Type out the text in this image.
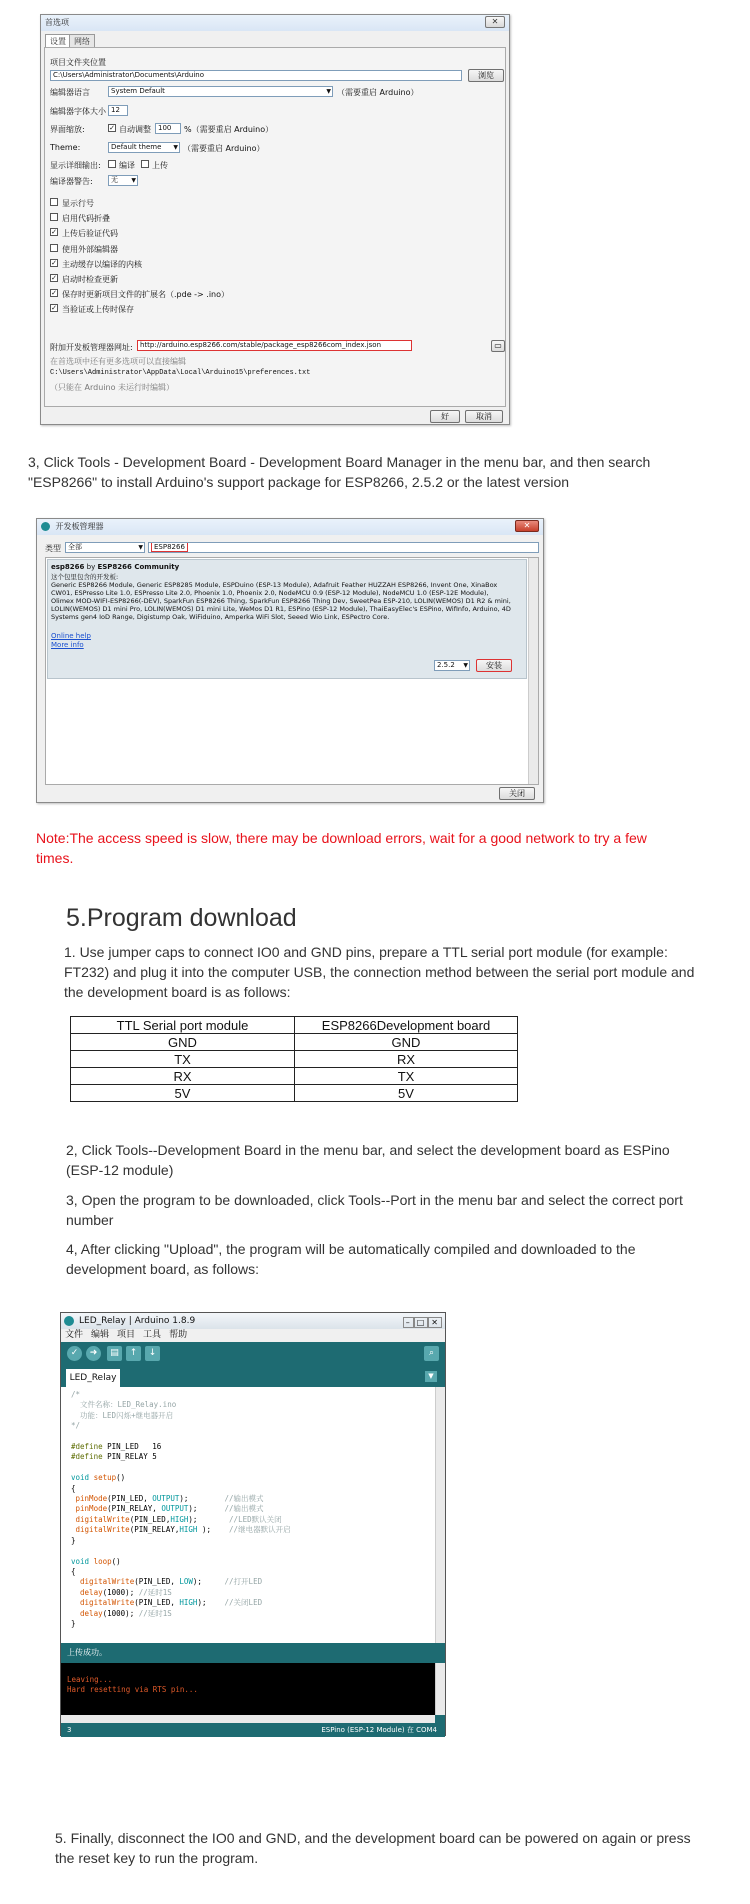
首选项	✕
设置	网络
项目文件夹位置
C:\Users\Administrator\Documents\Arduino	浏览
编辑器语言	System Default	▼ （需要重启 Arduino）
编辑器字体大小 12
界面缩放:	✓ 自动调整	100	%（需要重启 Arduino）
Theme:	Default theme ▼ （需要重启 Arduino）
显示详细输出: 编译 上传
编译器警告:	无 ▼
显示行号
启用代码折叠
✓ 上传后验证代码
使用外部编辑器
✓ 主动缓存以编译的内核
✓ 启动时检查更新
✓ 保存时更新项目文件的扩展名（.pde -> .ino）
✓ 当验证或上传时保存
附加开发板管理器网址:	http://arduino.esp8266.com/stable/package_esp8266com_index.json	▭
在首选项中还有更多选项可以直接编辑
C:\Users\Administrator\AppData\Local\Arduino15\preferences.txt
（只能在 Arduino 未运行时编辑）
好	取消
3, Click Tools - Development Board - Development Board Manager in the menu bar, and then search "ESP8266" to install Arduino's support package for ESP8266, 2.5.2 or the latest version
开发板管理器	✕
类型	全部	▼	ESP8266
esp8266 by ESP8266 Community
这个包里包含的开发板:
Generic ESP8266 Module, Generic ESP8285 Module, ESPDuino (ESP-13 Module), Adafruit Feather HUZZAH ESP8266, Invent One, XinaBox CW01, ESPresso Lite 1.0, ESPresso Lite 2.0, Phoenix 1.0, Phoenix 2.0, NodeMCU 0.9 (ESP-12 Module), NodeMCU 1.0 (ESP-12E Module), Olimex MOD-WIFI-ESP8266(-DEV), SparkFun ESP8266 Thing, SparkFun ESP8266 Thing Dev, SweetPea ESP-210, LOLIN(WEMOS) D1 R2 & mini, LOLIN(WEMOS) D1 mini Pro, LOLIN(WEMOS) D1 mini Lite, WeMos D1 R1, ESPino (ESP-12 Module), ThaiEasyElec's ESPino, WifInfo, Arduino, 4D Systems gen4 IoD Range, Digistump Oak, WiFiduino, Amperka WiFi Slot, Seeed Wio Link, ESPectro Core.
Online help
More info
2.5.2 ▼	安装
关闭
Note:The access speed is slow, there may be download errors, wait for a good network to try a few times.
5.Program download
1. Use jumper caps to connect IO0 and GND pins, prepare a TTL serial port module (for example: FT232) and plug it into the computer USB, the connection method between the serial port module and the development board is as follows:
TTL Serial port module	ESP8266Development board
GND	GND
TX	RX
RX	TX
5V	5V
2, Click Tools--Development Board in the menu bar, and select the development board as ESPino (ESP-12 module)
3, Open the program to be downloaded, click Tools--Port in the menu bar and select the correct port number
4, After clicking "Upload", the program will be automatically compiled and downloaded to the development board, as follows:
LED_Relay | Arduino 1.8.9	– □ ✕
文件 编辑 项目 工具 帮助
✓	➜	▤	↑	↓	⌕
LED_Relay	▼
/*
文件名称：LED_Relay.ino
功能：LED闪烁+继电器开启
*/

#define PIN_LED   16
#define PIN_RELAY 5

void setup()
{
pinMode(PIN_LED, OUTPUT);        //输出模式
pinMode(PIN_RELAY, OUTPUT);      //输出模式
digitalWrite(PIN_LED,HIGH);       //LED默认关闭
digitalWrite(PIN_RELAY,HIGH );    //继电器默认开启
}

void loop()
{
digitalWrite(PIN_LED, LOW);     //打开LED
delay(1000); //延时1S
digitalWrite(PIN_LED, HIGH);    //关闭LED
delay(1000); //延时1S
}
上传成功。
Leaving...
Hard resetting via RTS pin...
3	ESPino (ESP-12 Module) 在 COM4
5. Finally, disconnect the IO0 and GND, and the development board can be powered on again or press the reset key to run the program.
